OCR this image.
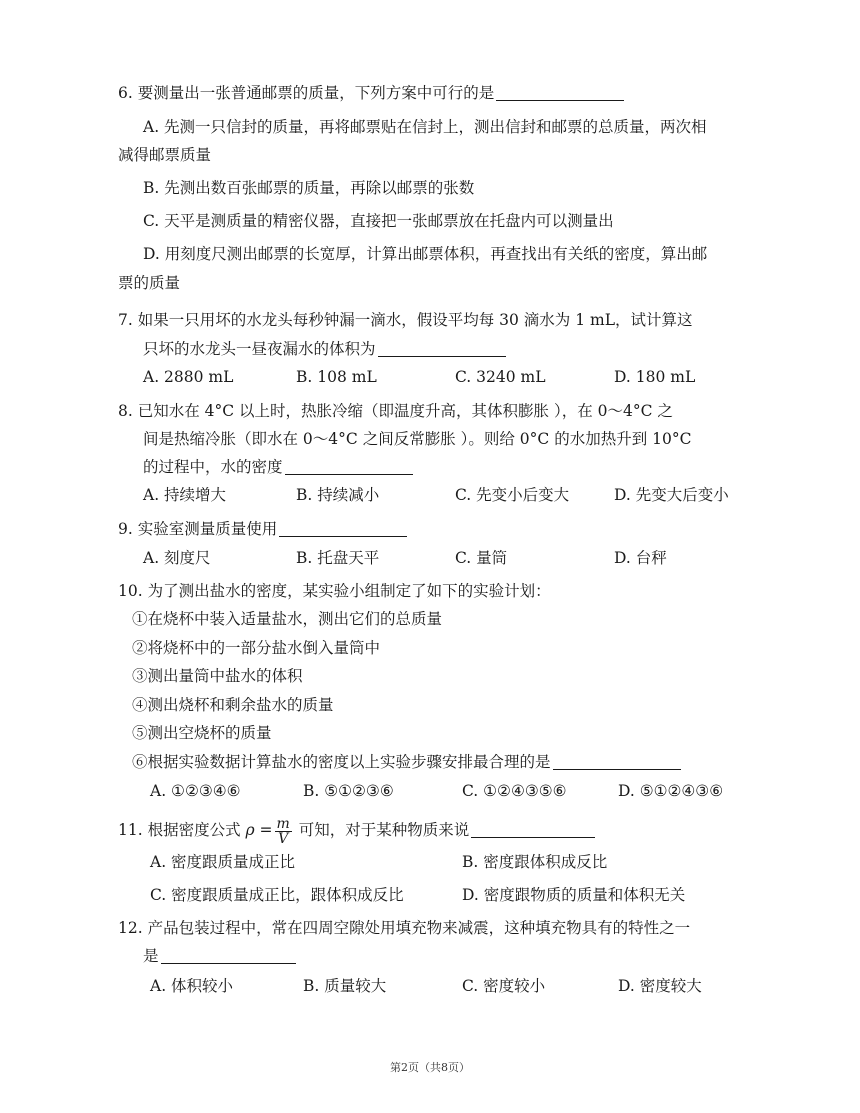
6. 要测量出一张普通邮票的质量，下列方案中可行的是
A. 先测一只信封的质量，再将邮票贴在信封上，测出信封和邮票的总质量，两次相
减得邮票质量
B. 先测出数百张邮票的质量，再除以邮票的张数
C. 天平是测质量的精密仪器，直接把一张邮票放在托盘内可以测量出
D. 用刻度尺测出邮票的长宽厚，计算出邮票体积，再查找出有关纸的密度，算出邮
票的质量
7. 如果一只用坏的水龙头每秒钟漏一滴水，假设平均每 30 滴水为 1 mL，试计算这
只坏的水龙头一昼夜漏水的体积为
A. 2880 mL	B. 108 mL	C. 3240 mL	D. 180 mL
8. 已知水在 4°C 以上时，热胀冷缩（即温度升高，其体积膨胀 ），在 0～4°C 之
间是热缩冷胀（即水在 0～4°C 之间反常膨胀 ）。则给 0°C 的水加热升到 10°C
的过程中，水的密度
A. 持续增大	B. 持续减小	C. 先变小后变大	D. 先变大后变小
9. 实验室测量质量使用
A. 刻度尺	B. 托盘天平	C. 量筒	D. 台秤
10. 为了测出盐水的密度，某实验小组制定了如下的实验计划：
①在烧杯中装入适量盐水，测出它们的总质量
②将烧杯中的一部分盐水倒入量筒中
③测出量筒中盐水的体积
④测出烧杯和剩余盐水的质量
⑤测出空烧杯的质量
⑥根据实验数据计算盐水的密度以上实验步骤安排最合理的是
A. ①②③④⑥	B. ⑤①②③⑥	C. ①②④③⑤⑥	D. ⑤①②④③⑥
11. 根据密度公式 $\rho = \frac{m}{V}$ 可知，对于某种物质来说
A. 密度跟质量成正比	B. 密度跟体积成反比
C. 密度跟质量成正比，跟体积成反比	D. 密度跟物质的质量和体积无关
12. 产品包装过程中，常在四周空隙处用填充物来减震，这种填充物具有的特性之一
是
A. 体积较小	B. 质量较大	C. 密度较小	D. 密度较大
第2页（共8页）
